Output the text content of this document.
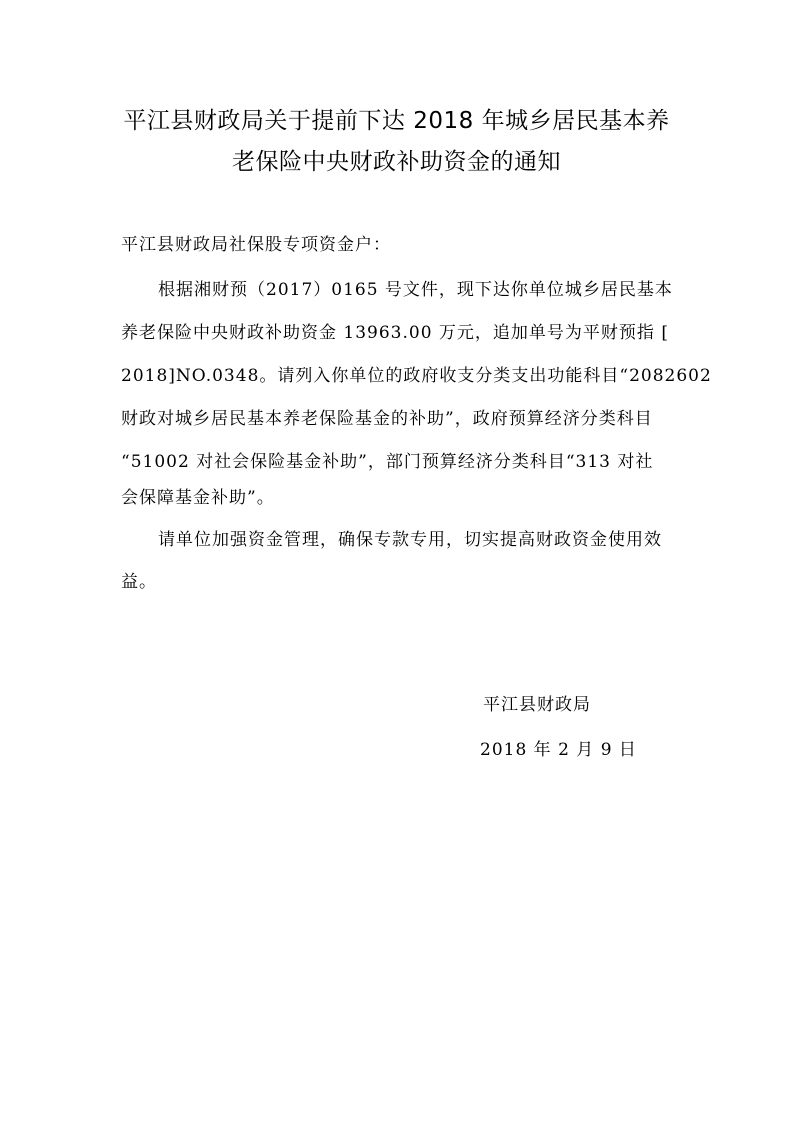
平江县财政局关于提前下达 2018 年城乡居民基本养
老保险中央财政补助资金的通知
平江县财政局社保股专项资金户：
根据湘财预（2017）0165 号文件，现下达你单位城乡居民基本
养老保险中央财政补助资金 13963.00 万元，追加单号为平财预指 [
2018]NO.0348。请列入你单位的政府收支分类支出功能科目“2082602
财政对城乡居民基本养老保险基金的补助”，政府预算经济分类科目
“51002 对社会保险基金补助”，部门预算经济分类科目“313 对社
会保障基金补助”。
请单位加强资金管理，确保专款专用，切实提高财政资金使用效
益。
平江县财政局
2018 年 2 月 9 日
